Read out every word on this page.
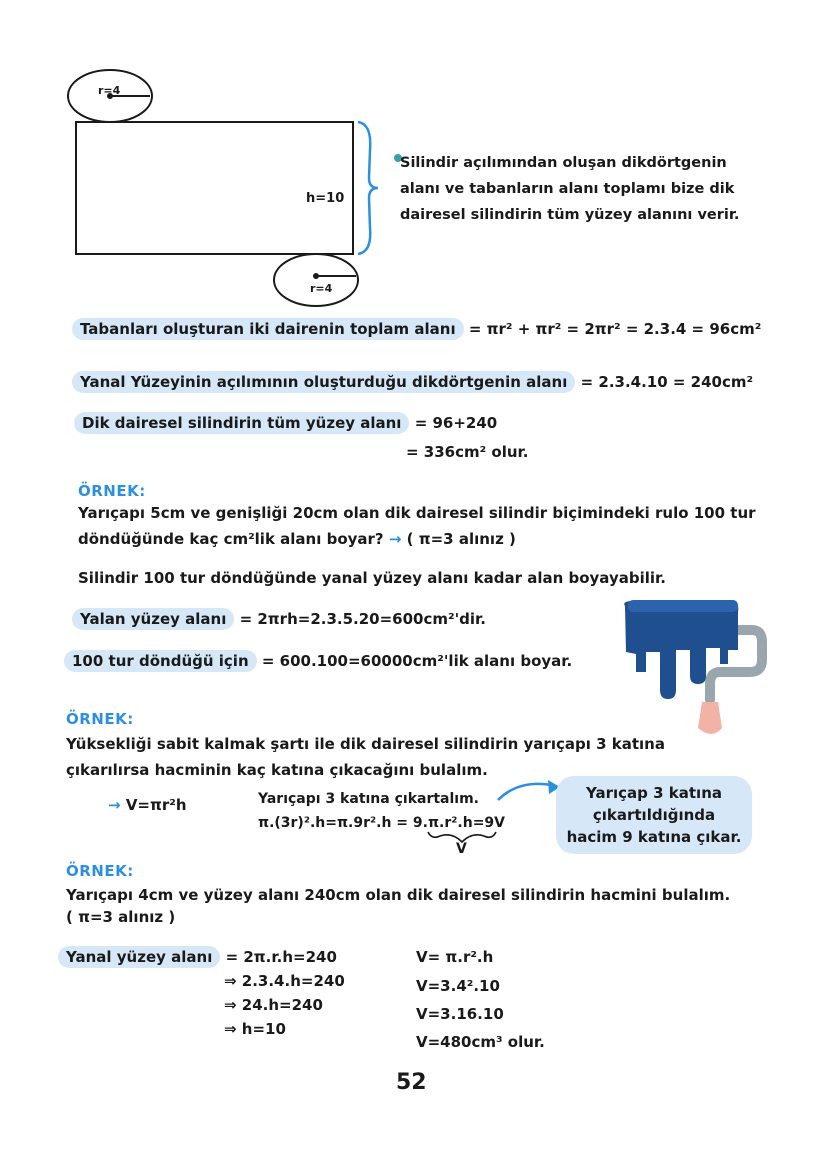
r=4
r=4
h=10
Silindir açılımından oluşan dikdörtgenin alanı ve tabanların alanı toplamı bize dik dairesel silindirin tüm yüzey alanını verir.
Tabanları oluşturan iki dairenin toplam alanı = πr² + πr² = 2πr² = 2.3.4 = 96cm²
Yanal Yüzeyinin açılımının oluşturduğu dikdörtgenin alanı = 2.3.4.10 = 240cm²
Dik dairesel silindirin tüm yüzey alanı = 96+240
= 336cm² olur.
ÖRNEK:
Yarıçapı 5cm ve genişliği 20cm olan dik dairesel silindir biçimindeki rulo 100 tur
döndüğünde kaç cm²lik alanı boyar? → ( π=3 alınız )
Silindir 100 tur döndüğünde yanal yüzey alanı kadar alan boyayabilir.
Yalan yüzey alanı = 2πrh=2.3.5.20=600cm²'dir.
100 tur döndüğü için = 600.100=60000cm²'lik alanı boyar.
ÖRNEK:
Yüksekliği sabit kalmak şartı ile dik dairesel silindirin yarıçapı 3 katına
çıkarılırsa hacminin kaç katına çıkacağını bulalım.
→ V=πr²h	Yarıçapı 3 katına çıkartalım.
π.(3r)².h=π.9r².h = 9.π.r².h=9V
V
Yarıçap 3 katına çıkartıldığında hacim 9 katına çıkar.
ÖRNEK:
Yarıçapı 4cm ve yüzey alanı 240cm olan dik dairesel silindirin hacmini bulalım.
( π=3 alınız )
Yanal yüzey alanı = 2π.r.h=240
⇒ 2.3.4.h=240
⇒ 24.h=240
⇒ h=10
V= π.r².h
V=3.4².10
V=3.16.10
V=480cm³ olur.
52
